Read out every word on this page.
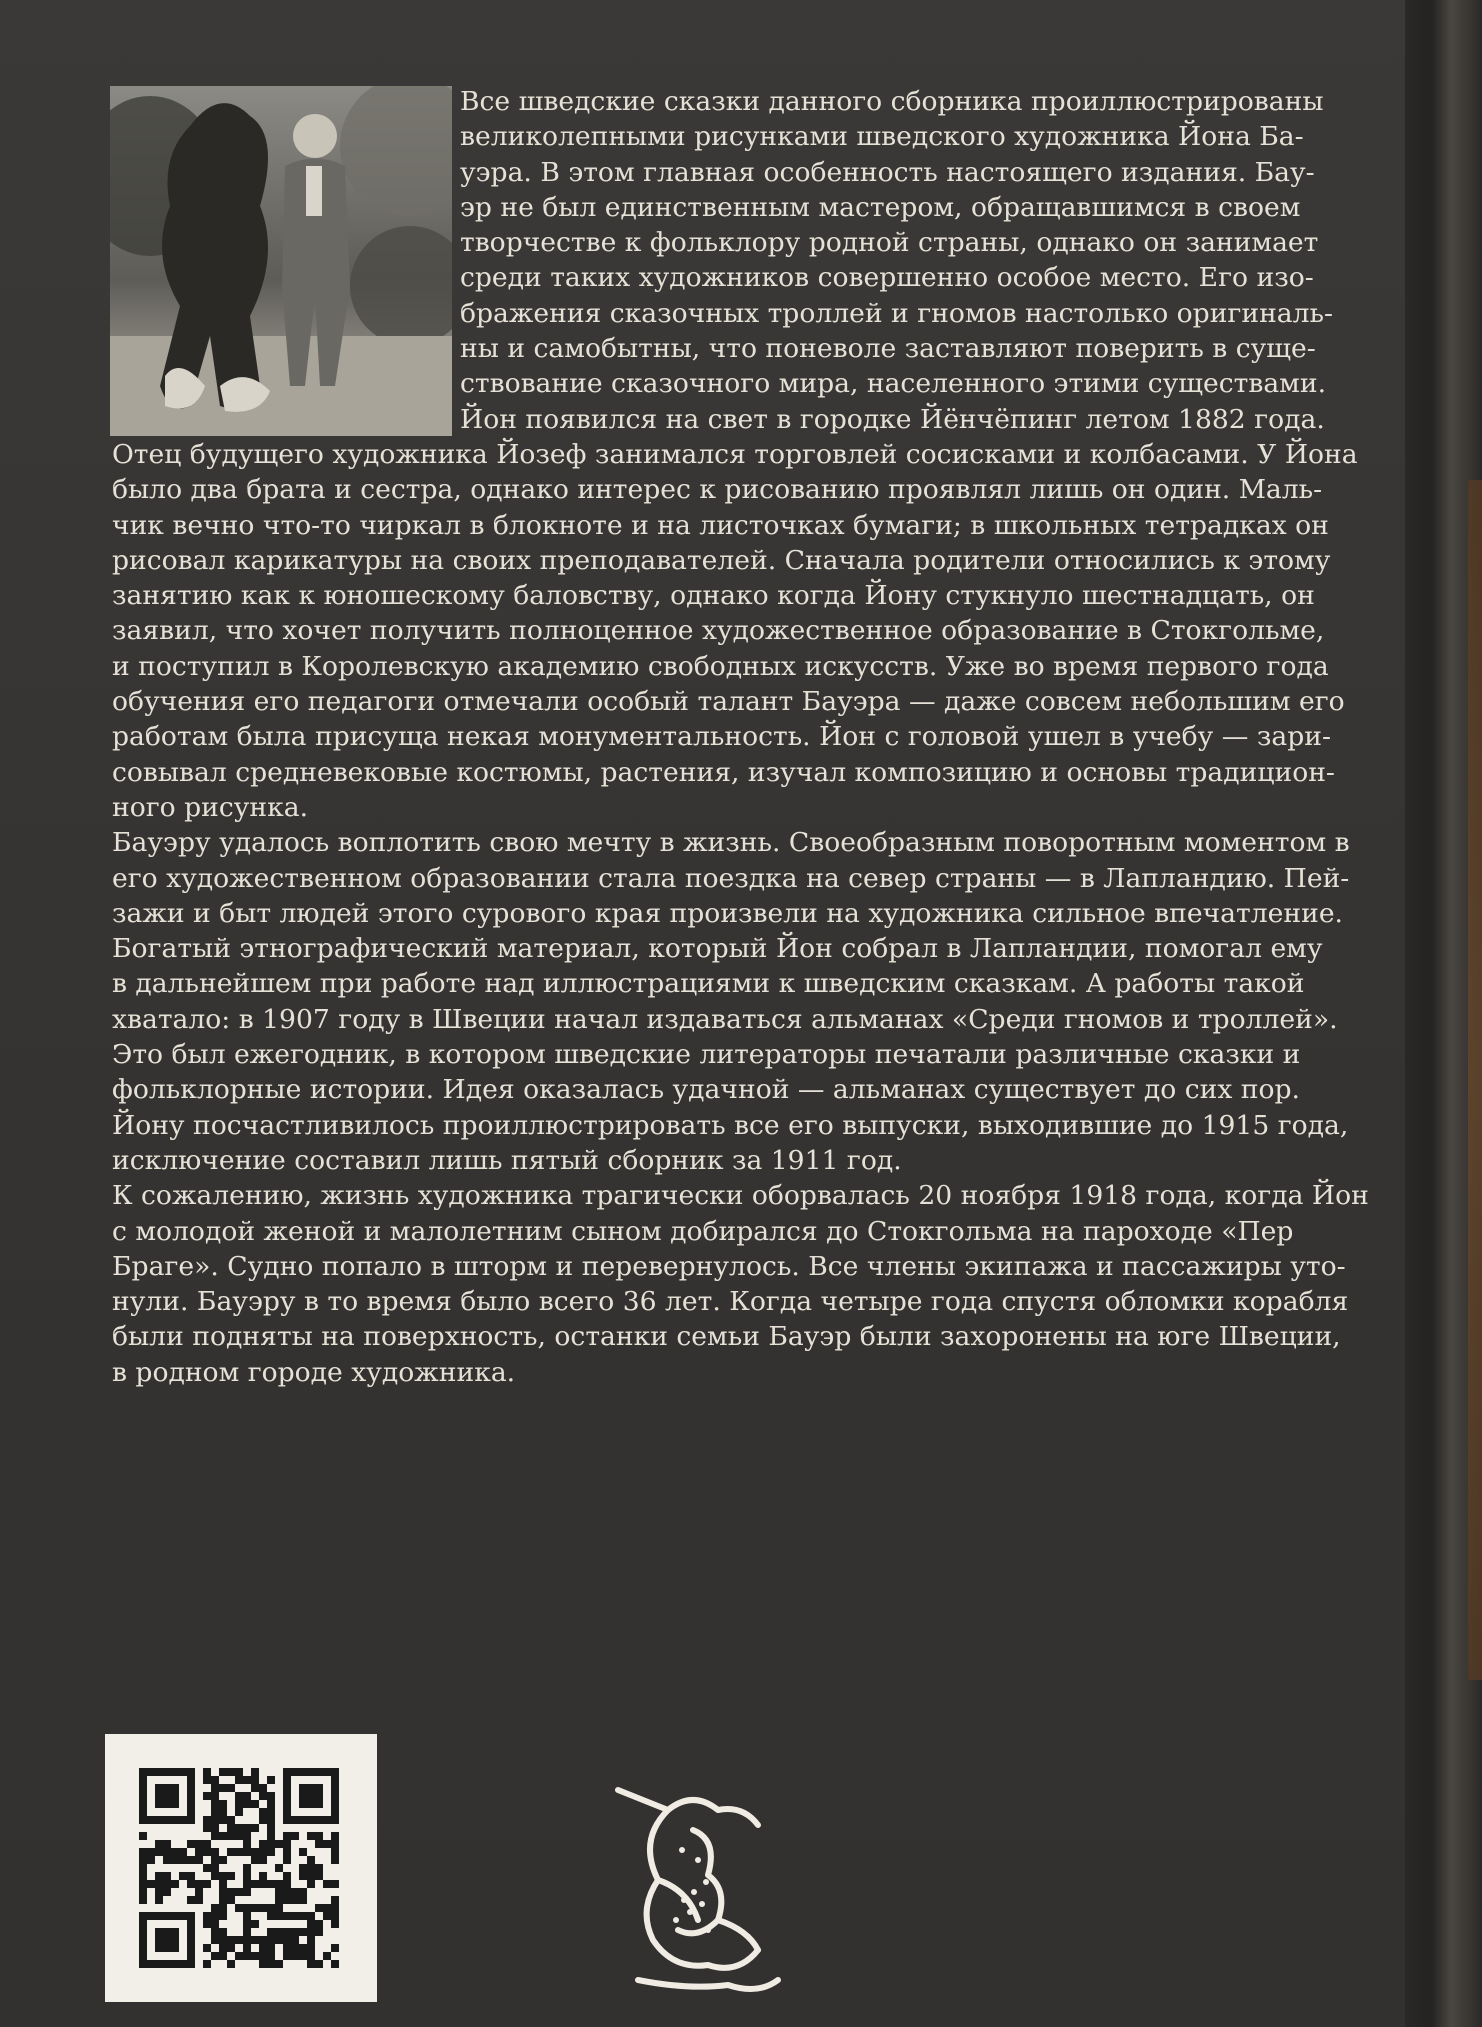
Все шведские сказки данного сборника проиллюстрированы
великолепными рисунками шведского художника Йона Ба-
уэра. В этом главная особенность настоящего издания. Бау-
эр не был единственным мастером, обращавшимся в своем
творчестве к фольклору родной страны, однако он занимает
среди таких художников совершенно особое место. Его изо-
бражения сказочных троллей и гномов настолько оригиналь-
ны и самобытны, что поневоле заставляют поверить в суще-
ствование сказочного мира, населенного этими существами.
Йон появился на свет в городке Йёнчёпинг летом 1882 года.
Отец будущего художника Йозеф занимался торговлей сосисками и колбасами. У Йона
было два брата и сестра, однако интерес к рисованию проявлял лишь он один. Маль-
чик вечно что-то чиркал в блокноте и на листочках бумаги; в школьных тетрадках он
рисовал карикатуры на своих преподавателей. Сначала родители относились к этому
занятию как к юношескому баловству, однако когда Йону стукнуло шестнадцать, он
заявил, что хочет получить полноценное художественное образование в Стокгольме,
и поступил в Королевскую академию свободных искусств. Уже во время первого года
обучения его педагоги отмечали особый талант Бауэра — даже совсем небольшим его
работам была присуща некая монументальность. Йон с головой ушел в учебу — зари-
совывал средневековые костюмы, растения, изучал композицию и основы традицион-
ного рисунка.
Бауэру удалось воплотить свою мечту в жизнь. Своеобразным поворотным моментом в
его художественном образовании стала поездка на север страны — в Лапландию. Пей-
зажи и быт людей этого сурового края произвели на художника сильное впечатление.
Богатый этнографический материал, который Йон собрал в Лапландии, помогал ему
в дальнейшем при работе над иллюстрациями к шведским сказкам. А работы такой
хватало: в 1907 году в Швеции начал издаваться альманах «Среди гномов и троллей».
Это был ежегодник, в котором шведские литераторы печатали различные сказки и
фольклорные истории. Идея оказалась удачной — альманах существует до сих пор.
Йону посчастливилось проиллюстрировать все его выпуски, выходившие до 1915 года,
исключение составил лишь пятый сборник за 1911 год.
К сожалению, жизнь художника трагически оборвалась 20 ноября 1918 года, когда Йон
с молодой женой и малолетним сыном добирался до Стокгольма на пароходе «Пер
Браге». Судно попало в шторм и перевернулось. Все члены экипажа и пассажиры уто-
нули. Бауэру в то время было всего 36 лет. Когда четыре года спустя обломки корабля
были подняты на поверхность, останки семьи Бауэр были захоронены на юге Швеции,
в родном городе художника.
